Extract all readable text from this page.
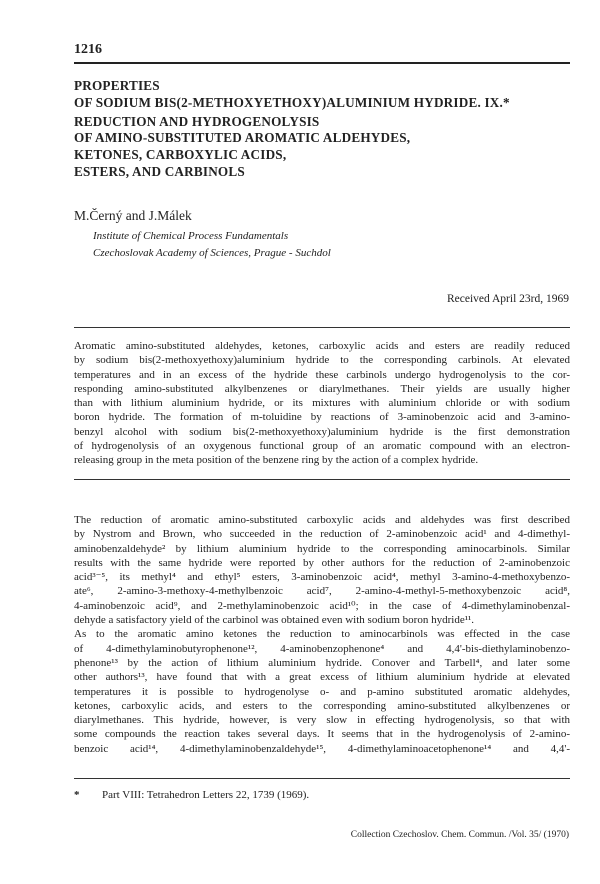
1216
PROPERTIES
OF SODIUM BIS(2-METHOXYETHOXY)ALUMINIUM HYDRIDE. IX.*
REDUCTION AND HYDROGENOLYSIS
OF AMINO-SUBSTITUTED AROMATIC ALDEHYDES,
KETONES, CARBOXYLIC ACIDS,
ESTERS, AND CARBINOLS
M.Černý and J.Málek
Institute of Chemical Process Fundamentals
Czechoslovak Academy of Sciences, Prague - Suchdol
Received April 23rd, 1969
Aromatic amino-substituted aldehydes, ketones, carboxylic acids and esters are readily reduced
by sodium bis(2-methoxyethoxy)aluminium hydride to the corresponding carbinols. At elevated
temperatures and in an excess of the hydride these carbinols undergo hydrogenolysis to the cor-
responding amino-substituted alkylbenzenes or diarylmethanes. Their yields are usually higher
than with lithium aluminium hydride, or its mixtures with aluminium chloride or with sodium
boron hydride. The formation of m-toluidine by reactions of 3-aminobenzoic acid and 3-amino-
benzyl alcohol with sodium bis(2-methoxyethoxy)aluminium hydride is the first demonstration
of hydrogenolysis of an oxygenous functional group of an aromatic compound with an electron-
releasing group in the meta position of the benzene ring by the action of a complex hydride.
The reduction of aromatic amino-substituted carboxylic acids and aldehydes was first described
by Nystrom and Brown, who succeeded in the reduction of 2-aminobenzoic acid¹ and 4-dimethyl-
aminobenzaldehyde² by lithium aluminium hydride to the corresponding aminocarbinols. Similar
results with the same hydride were reported by other authors for the reduction of 2-aminobenzoic
acid³⁻⁵, its methyl⁴ and ethyl⁵ esters, 3-aminobenzoic acid⁴, methyl 3-amino-4-methoxybenzo-
ate⁶, 2-amino-3-methoxy-4-methylbenzoic acid⁷, 2-amino-4-methyl-5-methoxybenzoic acid⁸,
4-aminobenzoic acid⁹, and 2-methylaminobenzoic acid¹⁰; in the case of 4-dimethylaminobenzal-
dehyde a satisfactory yield of the carbinol was obtained even with sodium boron hydride¹¹.
As to the aromatic amino ketones the reduction to aminocarbinols was effected in the case
of 4-dimethylaminobutyrophenone¹², 4-aminobenzophenone⁴ and 4,4'-bis-diethylaminobenzo-
phenone¹³ by the action of lithium aluminium hydride. Conover and Tarbell⁴, and later some
other authors¹³, have found that with a great excess of lithium aluminium hydride at elevated
temperatures it is possible to hydrogenolyse o- and p-amino substituted aromatic aldehydes,
ketones, carboxylic acids, and esters to the corresponding amino-substituted alkylbenzenes or
diarylmethanes. This hydride, however, is very slow in effecting hydrogenolysis, so that with
some compounds the reaction takes several days. It seems that in the hydrogenolysis of 2-amino-
benzoic acid¹⁴, 4-dimethylaminobenzaldehyde¹⁵, 4-dimethylaminoacetophenone¹⁴ and 4,4'-
* Part VIII: Tetrahedron Letters 22, 1739 (1969).
Collection Czechoslov. Chem. Commun. /Vol. 35/ (1970)
